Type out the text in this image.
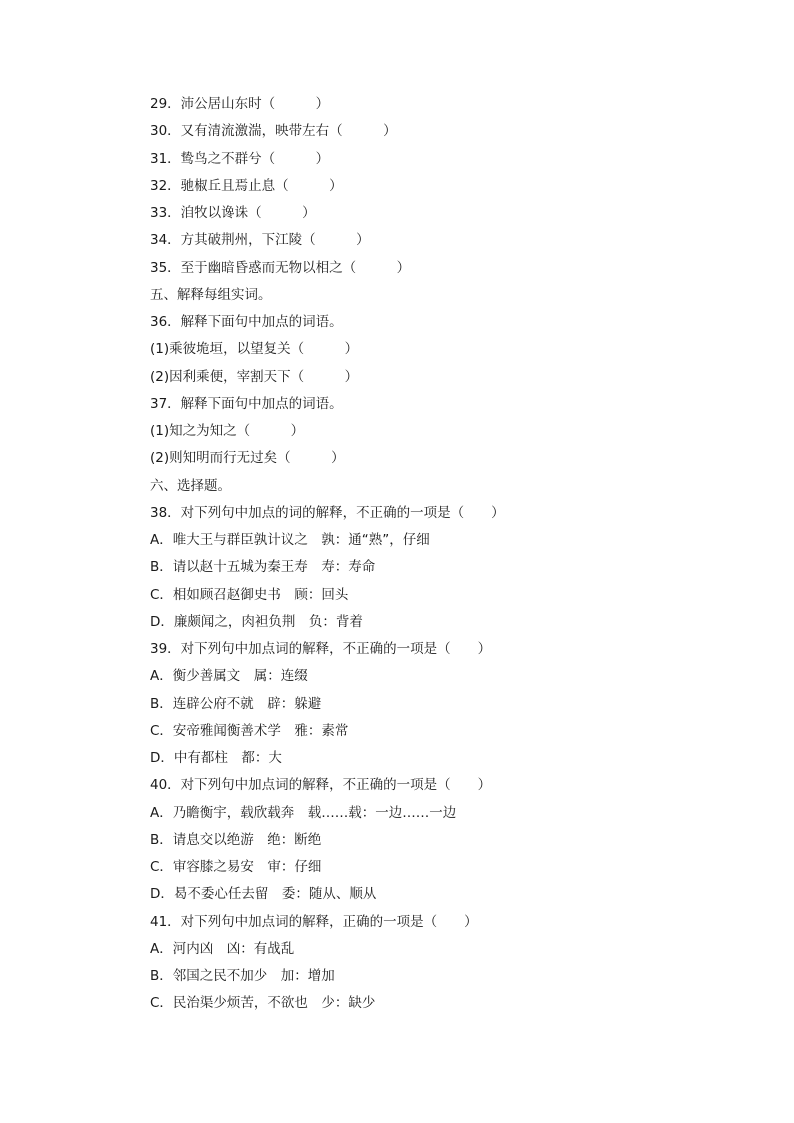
29．沛公居山东时（　　　）
30．又有清流激湍，映带左右（　　　）
31．鸷鸟之不群兮（　　　）
32．驰椒丘且焉止息（　　　）
33．洎牧以谗诛（　　　）
34．方其破荆州，下江陵（　　　）
35．至于幽暗昏惑而无物以相之（　　　）
五、解释每组实词。
36．解释下面句中加点的词语。
(1)乘彼垝垣，以望复关（　　　）
(2)因利乘便，宰割天下（　　　）
37．解释下面句中加点的词语。
(1)知之为知之（　　　）
(2)则知明而行无过矣（　　　）
六、选择题。
38．对下列句中加点的词的解释，不正确的一项是（　　）
A．唯大王与群臣孰计议之　孰：通“熟”，仔细
B．请以赵十五城为秦王寿　寿：寿命
C．相如顾召赵御史书　顾：回头
D．廉颇闻之，肉袒负荆　负：背着
39．对下列句中加点词的解释，不正确的一项是（　　）
A．衡少善属文　属：连缀
B．连辟公府不就　辟：躲避
C．安帝雅闻衡善术学　雅：素常
D．中有都柱　都：大
40．对下列句中加点词的解释，不正确的一项是（　　）
A．乃瞻衡宇，载欣载奔　载……载：一边……一边
B．请息交以绝游　绝：断绝
C．审容膝之易安　审：仔细
D．曷不委心任去留　委：随从、顺从
41．对下列句中加点词的解释，正确的一项是（　　）
A．河内凶　凶：有战乱
B．邻国之民不加少　加：增加
C．民治渠少烦苦，不欲也　少：缺少
